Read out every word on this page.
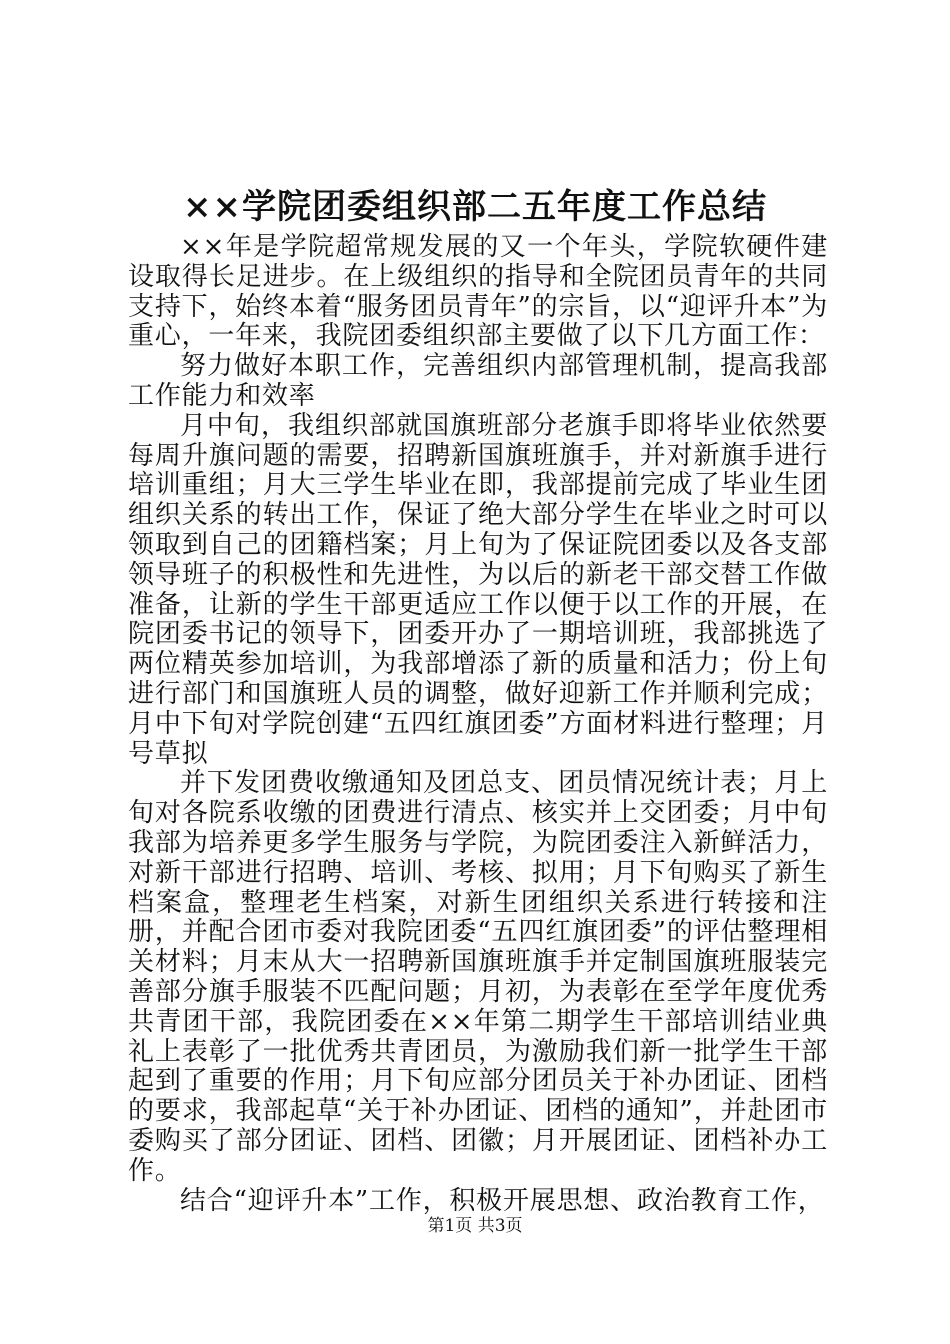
××学院团委组织部二五年度工作总结

××年是学院超常规发展的又一个年头，学院软硬件建设取得长足进步。在上级组织的指导和全院团员青年的共同支持下，始终本着“服务团员青年”的宗旨，以“迎评升本”为重心，一年来，我院团委组织部主要做了以下几方面工作：

努力做好本职工作，完善组织内部管理机制，提高我部工作能力和效率

月中旬，我组织部就国旗班部分老旗手即将毕业依然要每周升旗问题的需要，招聘新国旗班旗手，并对新旗手进行培训重组；月大三学生毕业在即，我部提前完成了毕业生团组织关系的转出工作，保证了绝大部分学生在毕业之时可以领取到自己的团籍档案；月上旬为了保证院团委以及各支部领导班子的积极性和先进性，为以后的新老干部交替工作做准备，让新的学生干部更适应工作以便于以工作的开展，在院团委书记的领导下，团委开办了一期培训班，我部挑选了两位精英参加培训，为我部增添了新的质量和活力；份上旬进行部门和国旗班人员的调整，做好迎新工作并顺利完成；月中下旬对学院创建“五四红旗团委”方面材料进行整理；月号草拟

并下发团费收缴通知及团总支、团员情况统计表；月上旬对各院系收缴的团费进行清点、核实并上交团委；月中旬我部为培养更多学生服务与学院，为院团委注入新鲜活力，对新干部进行招聘、培训、考核、拟用；月下旬购买了新生档案盒，整理老生档案，对新生团组织关系进行转接和注册，并配合团市委对我院团委“五四红旗团委”的评估整理相关材料；月末从大一招聘新国旗班旗手并定制国旗班服装完善部分旗手服装不匹配问题；月初，为表彰在至学年度优秀共青团干部，我院团委在××年第二期学生干部培训结业典礼上表彰了一批优秀共青团员，为激励我们新一批学生干部起到了重要的作用；月下旬应部分团员关于补办团证、团档的要求，我部起草“关于补办团证、团档的通知”，并赴团市委购买了部分团证、团档、团徽；月开展团证、团档补办工作。

结合“迎评升本”工作，积极开展思想、政治教育工作，

第1页 共3页
